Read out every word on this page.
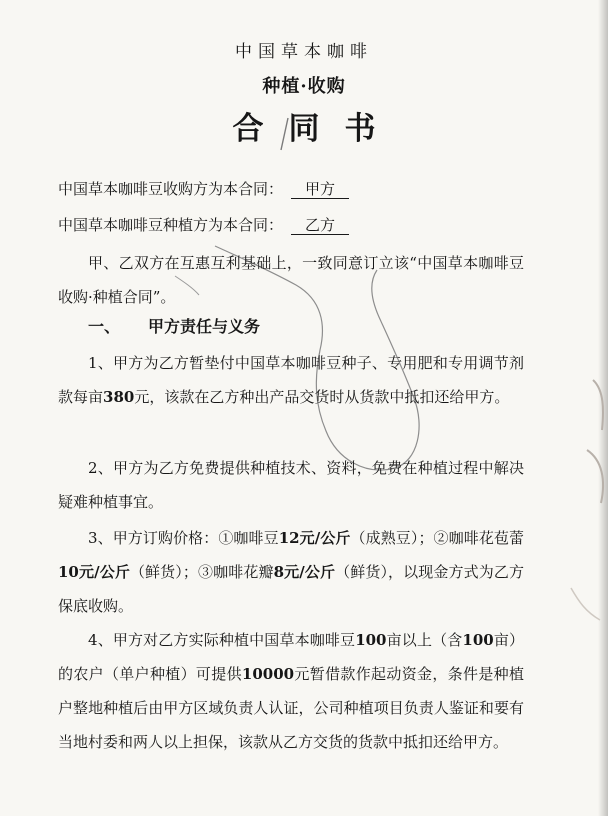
中国草本咖啡
种植·收购
合同书
中国草本咖啡豆收购方为本合同： 甲方
中国草本咖啡豆种植方为本合同： 乙方
甲、乙双方在互惠互利基础上，一致同意订立该“中国草本咖啡豆收购·种植合同”。
一、 甲方责任与义务
1、甲方为乙方暂垫付中国草本咖啡豆种子、专用肥和专用调节剂款每亩380元，该款在乙方种出产品交货时从货款中抵扣还给甲方。
2、甲方为乙方免费提供种植技术、资料，免费在种植过程中解决疑难种植事宜。
3、甲方订购价格：①咖啡豆12元/公斤（成熟豆）；②咖啡花苞蕾10元/公斤（鲜货）；③咖啡花瓣8元/公斤（鲜货），以现金方式为乙方保底收购。
4、甲方对乙方实际种植中国草本咖啡豆100亩以上（含100亩）的农户（单户种植）可提供10000元暂借款作起动资金，条件是种植户整地种植后由甲方区域负责人认证，公司种植项目负责人鉴证和要有当地村委和两人以上担保，该款从乙方交货的货款中抵扣还给甲方。
